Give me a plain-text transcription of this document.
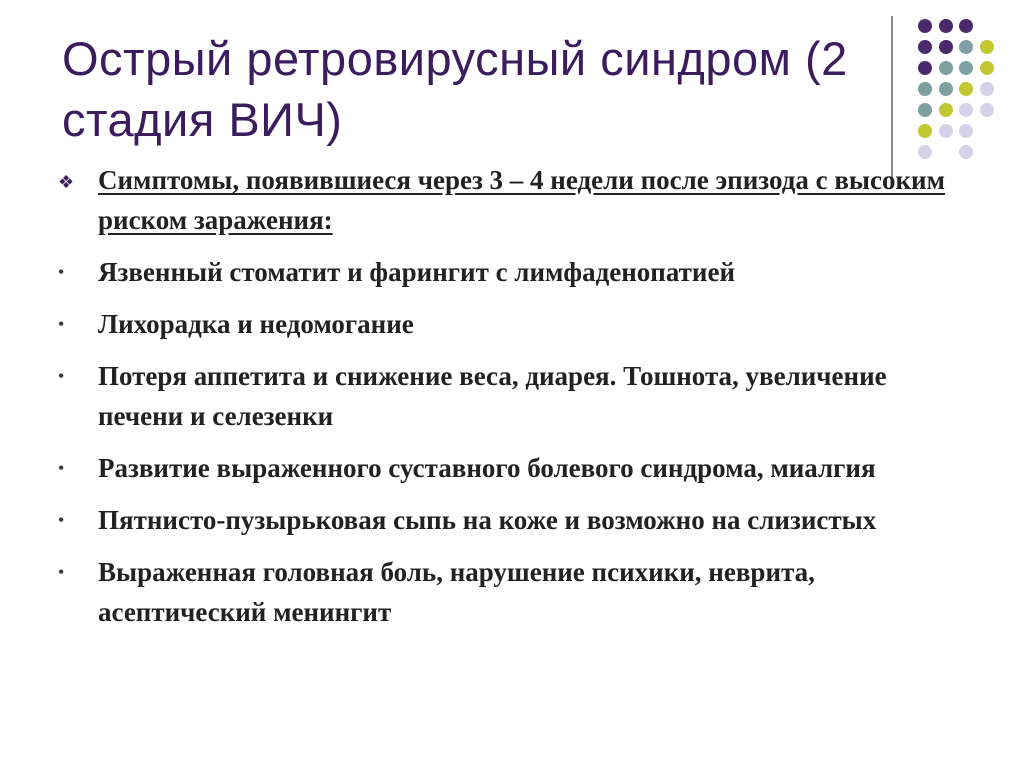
Острый ретровирусный синдром (2 стадия ВИЧ)
❖ Симптомы, появившиеся через 3 – 4 недели после эпизода с высоким риском заражения:
•	Язвенный стоматит и фарингит с лимфаденопатией
•	Лихорадка и недомогание
•	Потеря аппетита и снижение веса, диарея. Тошнота, увеличение печени и селезенки
•	Развитие выраженного суставного болевого синдрома, миалгия
•	Пятнисто-пузырьковая сыпь на коже и возможно на слизистых
•	Выраженная головная боль, нарушение психики, неврита, асептический менингит
